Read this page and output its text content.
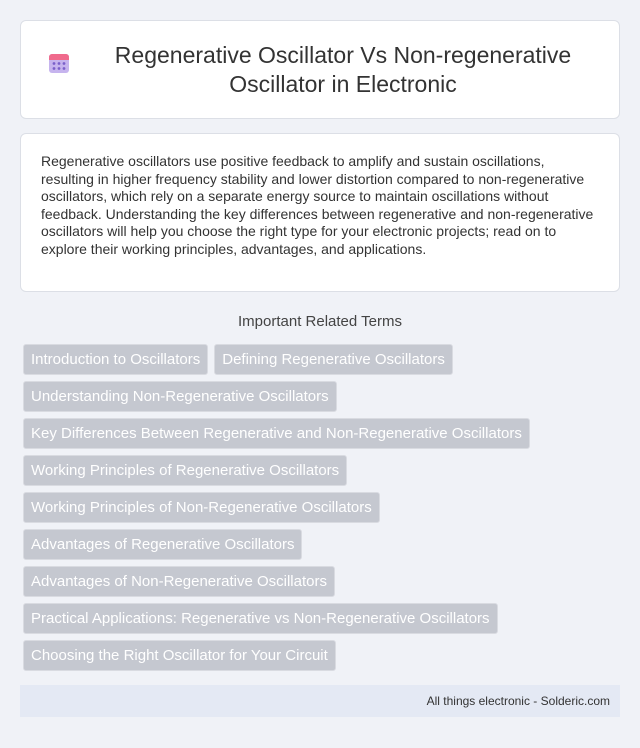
Regenerative Oscillator Vs Non-regenerative Oscillator in Electronic

Regenerative oscillators use positive feedback to amplify and sustain oscillations, resulting in higher frequency stability and lower distortion compared to non-regenerative oscillators, which rely on a separate energy source to maintain oscillations without feedback. Understanding the key differences between regenerative and non-regenerative oscillators will help you choose the right type for your electronic projects; read on to explore their working principles, advantages, and applications.

Important Related Terms
Introduction to Oscillators	Defining Regenerative Oscillators
Understanding Non-Regenerative Oscillators
Key Differences Between Regenerative and Non-Regenerative Oscillators
Working Principles of Regenerative Oscillators
Working Principles of Non-Regenerative Oscillators
Advantages of Regenerative Oscillators
Advantages of Non-Regenerative Oscillators
Practical Applications: Regenerative vs Non-Regenerative Oscillators
Choosing the Right Oscillator for Your Circuit
All things electronic - Solderic.com
